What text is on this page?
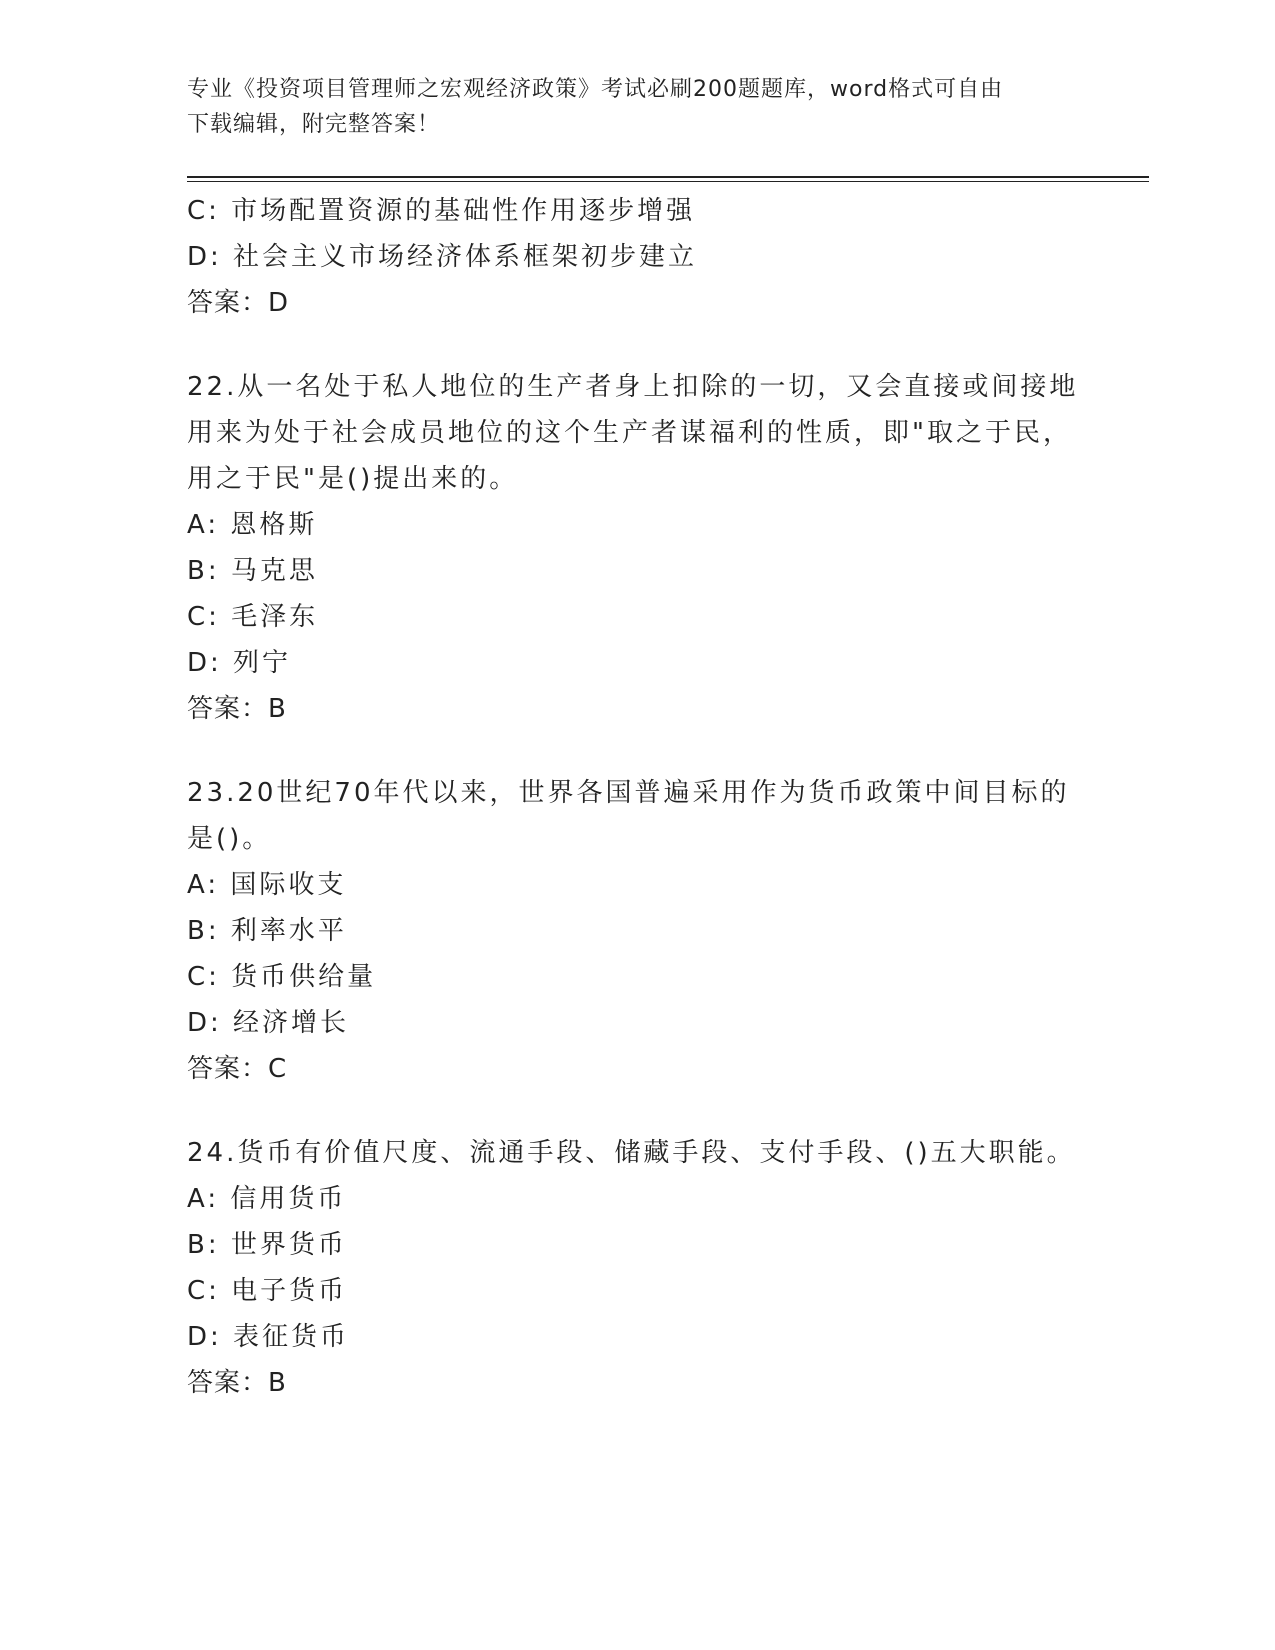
专业《投资项目管理师之宏观经济政策》考试必刷200题题库，word格式可自由
下载编辑，附完整答案！
C: 市场配置资源的基础性作用逐步增强
D: 社会主义市场经济体系框架初步建立
答案：D
22.从一名处于私人地位的生产者身上扣除的一切，又会直接或间接地
用来为处于社会成员地位的这个生产者谋福利的性质，即"取之于民，
用之于民"是()提出来的。
A: 恩格斯
B: 马克思
C: 毛泽东
D: 列宁
答案：B
23.20世纪70年代以来，世界各国普遍采用作为货币政策中间目标的
是()。
A: 国际收支
B: 利率水平
C: 货币供给量
D: 经济增长
答案：C
24.货币有价值尺度、流通手段、储藏手段、支付手段、()五大职能。
A: 信用货币
B: 世界货币
C: 电子货币
D: 表征货币
答案：B
